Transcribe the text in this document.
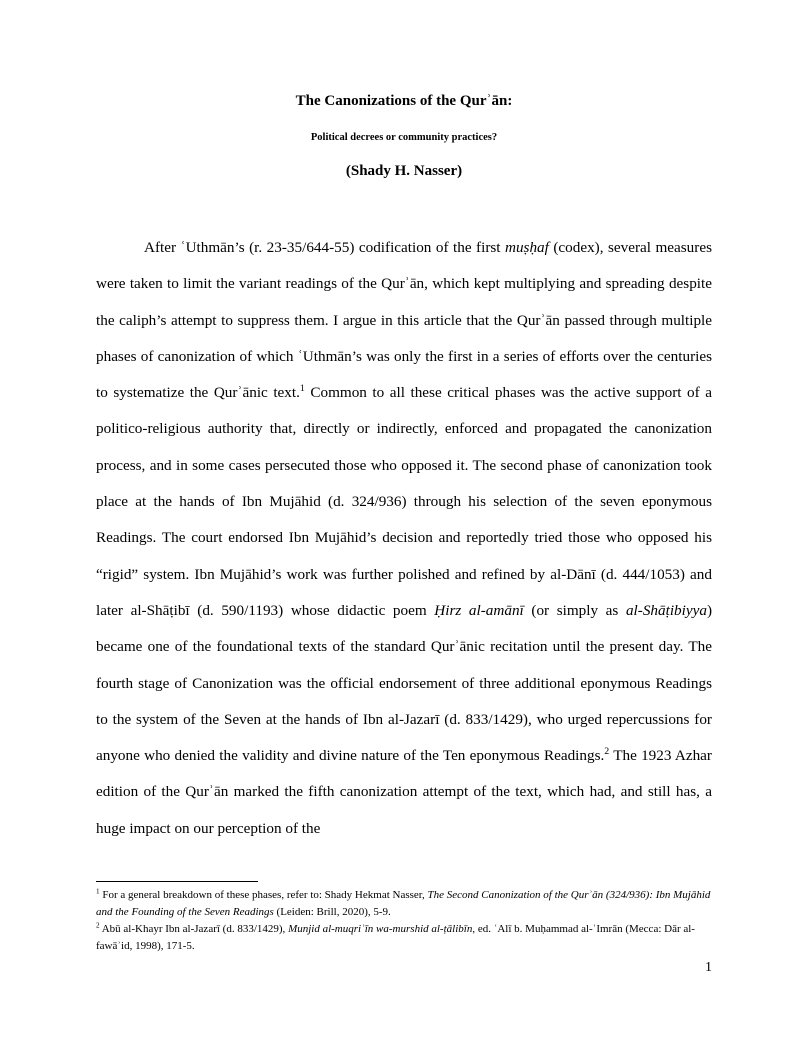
The Canonizations of the Qurʾān:

Political decrees or community practices?

(Shady H. Nasser)

After ʿUthmān’s (r. 23-35/644-55) codification of the first muṣḥaf (codex), several measures were taken to limit the variant readings of the Qurʾān, which kept multiplying and spreading despite the caliph’s attempt to suppress them. I argue in this article that the Qurʾān passed through multiple phases of canonization of which ʿUthmān’s was only the first in a series of efforts over the centuries to systematize the Qurʾānic text.$^1$ Common to all these critical phases was the active support of a politico-religious authority that, directly or indirectly, enforced and propagated the canonization process, and in some cases persecuted those who opposed it. The second phase of canonization took place at the hands of Ibn Mujāhid (d. 324/936) through his selection of the seven eponymous Readings. The court endorsed Ibn Mujāhid’s decision and reportedly tried those who opposed his “rigid” system. Ibn Mujāhid’s work was further polished and refined by al-Dānī (d. 444/1053) and later al-Shāṭibī (d. 590/1193) whose didactic poem Ḥirz al-amānī (or simply as al-Shāṭibiyya) became one of the foundational texts of the standard Qurʾānic recitation until the present day. The fourth stage of Canonization was the official endorsement of three additional eponymous Readings to the system of the Seven at the hands of Ibn al-Jazarī (d. 833/1429), who urged repercussions for anyone who denied the validity and divine nature of the Ten eponymous Readings.$^2$ The 1923 Azhar edition of the Qurʾān marked the fifth canonization attempt of the text, which had, and still has, a huge impact on our perception of the

$^1$ For a general breakdown of these phases, refer to: Shady Hekmat Nasser, The Second Canonization of the Qurʾān (324/936): Ibn Mujāhid and the Founding of the Seven Readings (Leiden: Brill, 2020), 5-9.

$^2$ Abū al-Khayr Ibn al-Jazarī (d. 833/1429), Munjid al-muqriʾīn wa-murshid al-ṭālibīn, ed. ʿAlī b. Muḥammad al-ʿImrān (Mecca: Dār al-fawāʾid, 1998), 171-5.

1
